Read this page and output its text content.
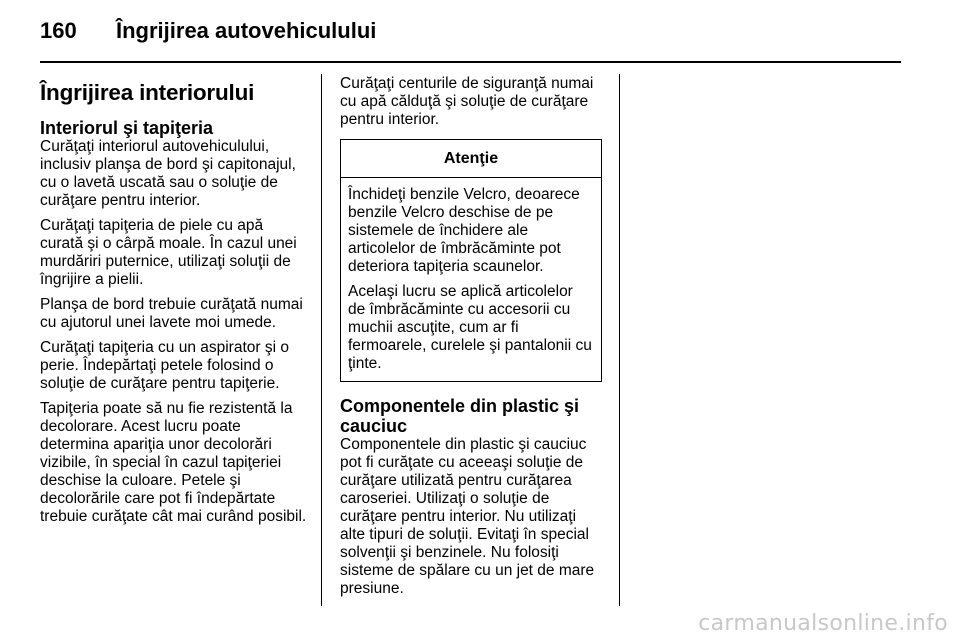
160	Îngrijirea autovehiculului
Îngrijirea interiorului
Interiorul şi tapiţeria

Curăţaţi interiorul autovehiculului, inclusiv planşa de bord şi capitonajul, cu o lavetă uscată sau o soluţie de curăţare pentru interior.

Curăţaţi tapiţeria de piele cu apă curată şi o cârpă moale. În cazul unei murdăriri puternice, utilizaţi soluţii de îngrijire a pielii.

Planşa de bord trebuie curăţată numai cu ajutorul unei lavete moi umede.

Curăţaţi tapiţeria cu un aspirator şi o perie. Îndepărtaţi petele folosind o soluţie de curăţare pentru tapiţerie.

Tapiţeria poate să nu fie rezistentă la decolorare. Acest lucru poate determina apariţia unor decolorări vizibile, în special în cazul tapiţeriei deschise la culoare. Petele şi decolorările care pot fi îndepărtate trebuie curăţate cât mai curând posibil.

Curăţaţi centurile de siguranţă numai cu apă călduţă şi soluţie de curăţare pentru interior.

Atenţie

Închideţi benzile Velcro, deoarece benzile Velcro deschise de pe sistemele de închidere ale articolelor de îmbrăcăminte pot deteriora tapiţeria scaunelor.

Acelaşi lucru se aplică articolelor de îmbrăcăminte cu accesorii cu muchii ascuţite, cum ar fi fermoarele, curelele şi pantalonii cu ţinte.

Componentele din plastic şi cauciuc

Componentele din plastic şi cauciuc pot fi curăţate cu aceeaşi soluţie de curăţare utilizată pentru curăţarea caroseriei. Utilizaţi o soluţie de curăţare pentru interior. Nu utilizaţi alte tipuri de soluţii. Evitaţi în special solvenţii şi benzinele. Nu folosiţi sisteme de spălare cu un jet de mare presiune.

carmanualsonline.info
